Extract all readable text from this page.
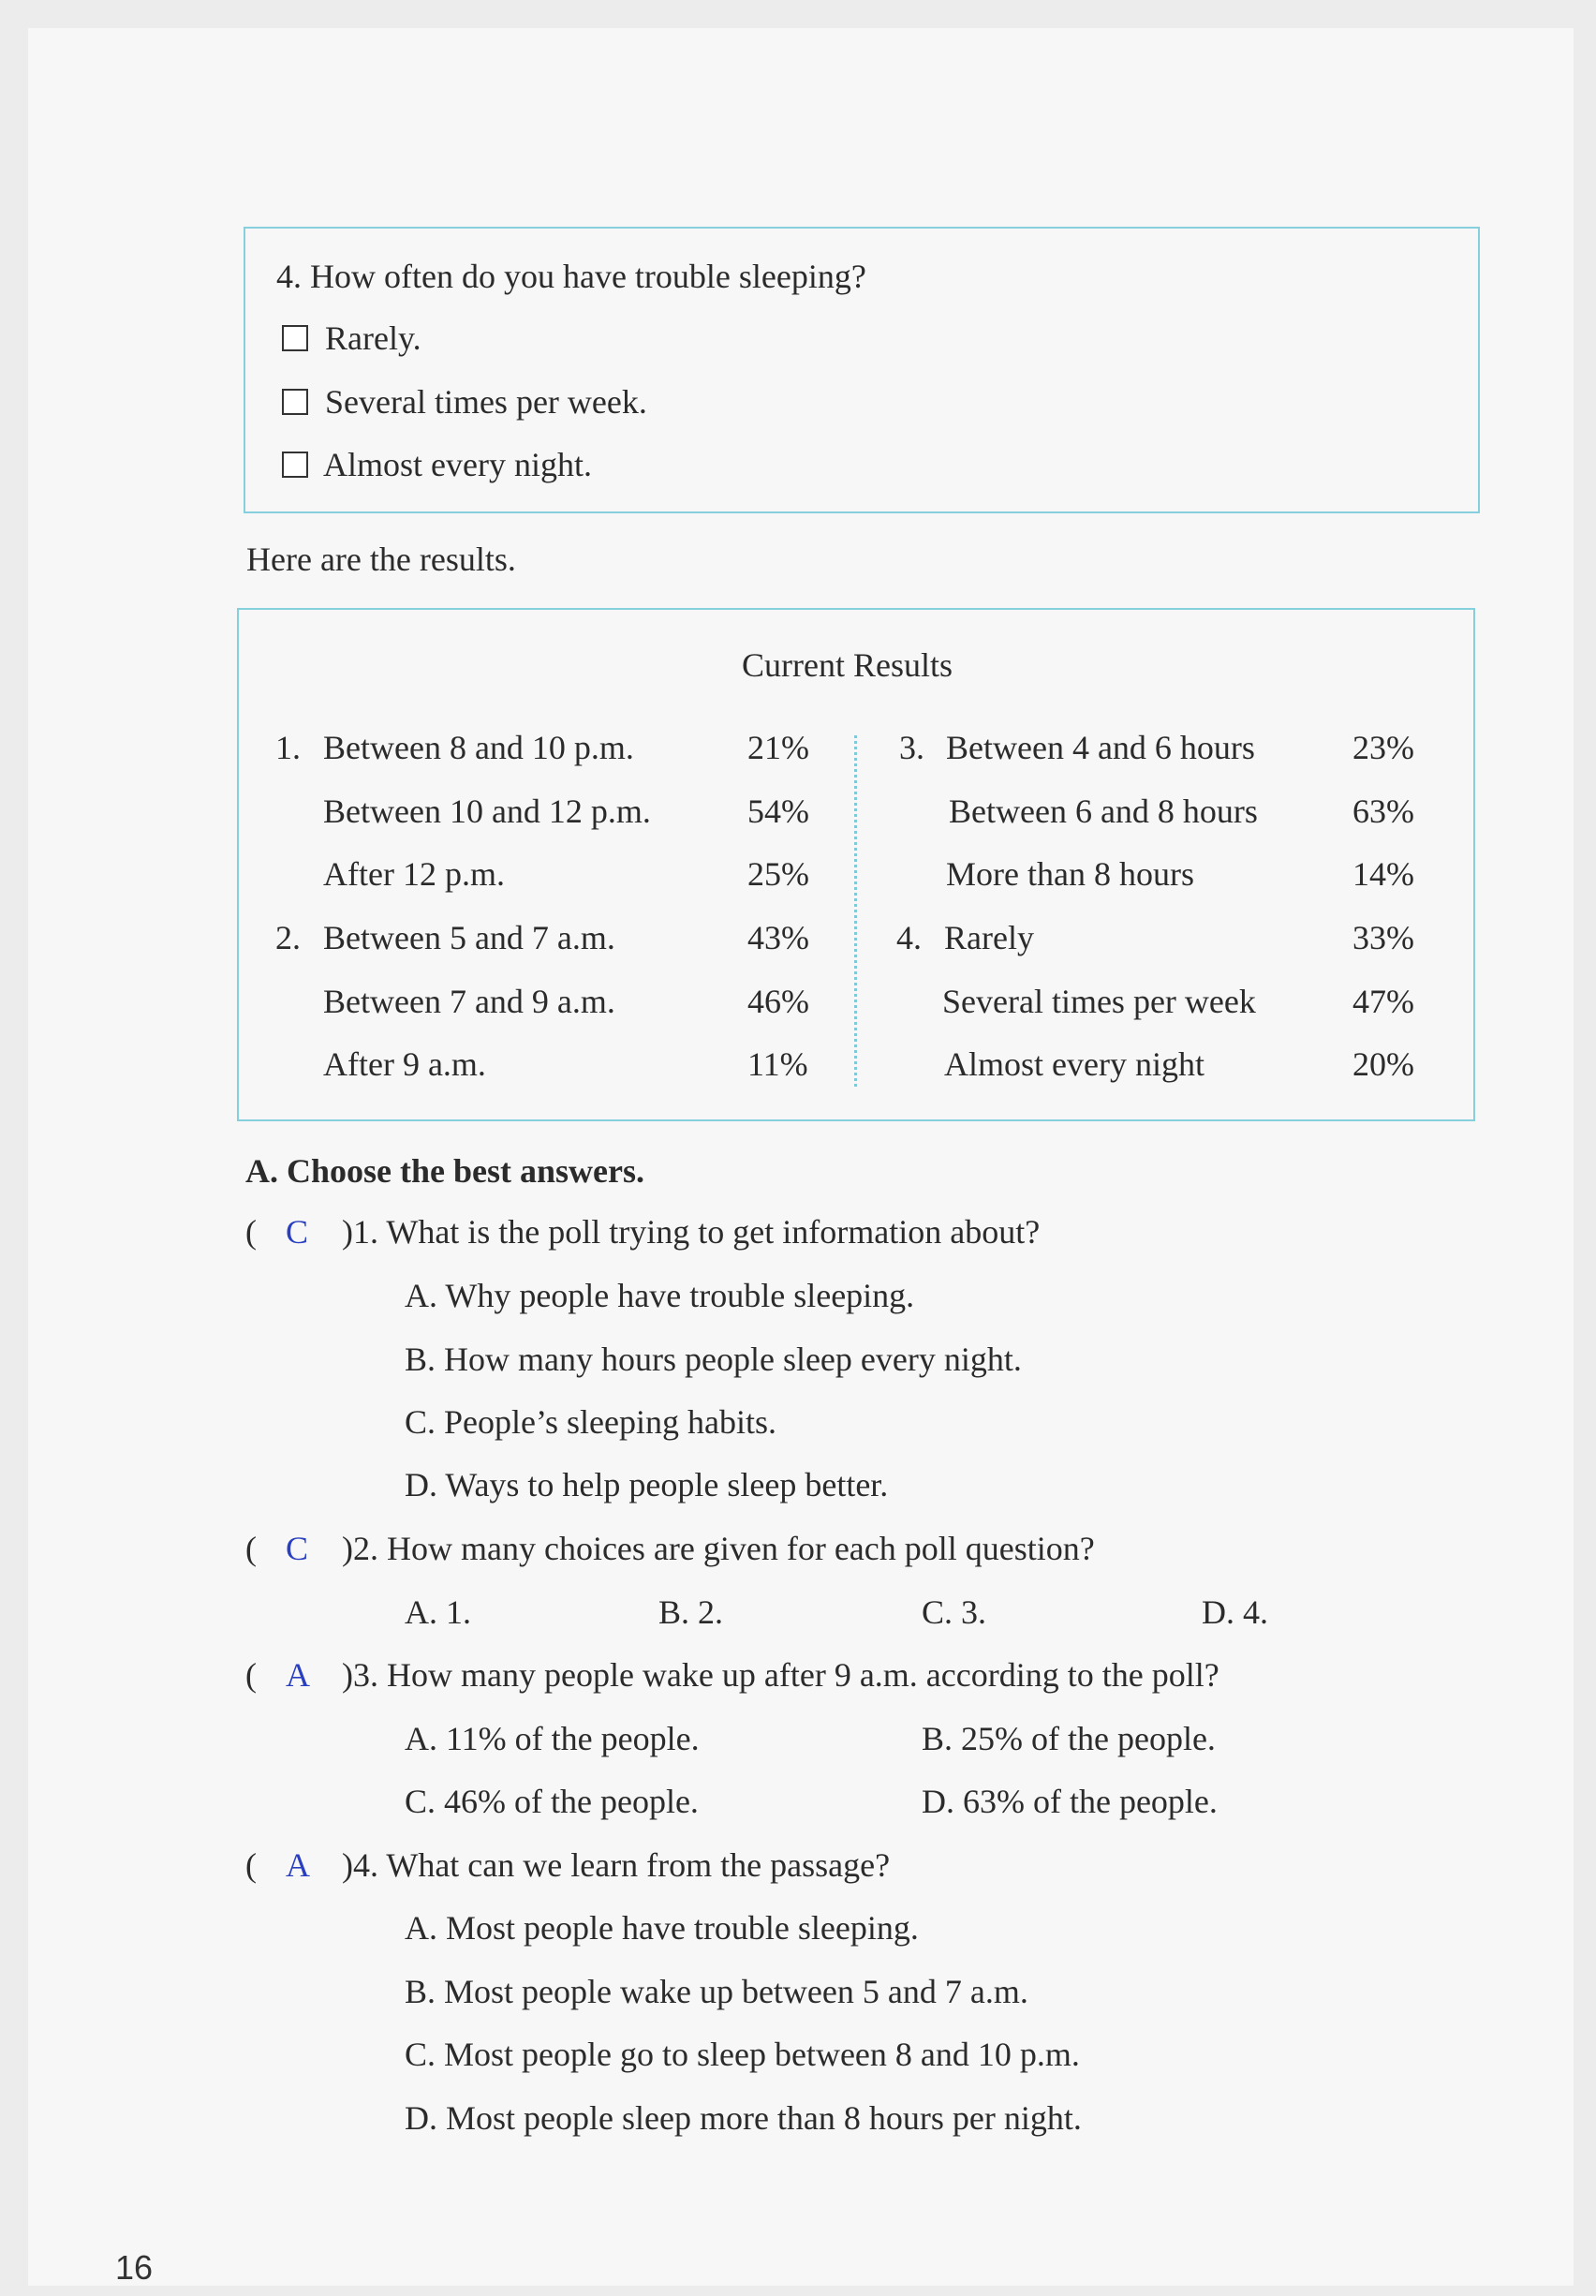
4. How often do you have trouble sleeping?
Rarely.
Several times per week.
Almost every night.
Here are the results.
Current Results
1. Between 8 and 10 p.m.	21%
Between 10 and 12 p.m.	54%
After 12 p.m.	25%
2. Between 5 and 7 a.m.	43%
Between 7 and 9 a.m.	46%
After 9 a.m.	11%
3. Between 4 and 6 hours	23%
Between 6 and 8 hours	63%
More than 8 hours	14%
4. Rarely	33%
Several times per week	47%
Almost every night	20%
A. Choose the best answers.
( C )1. What is the poll trying to get information about?
A. Why people have trouble sleeping.
B. How many hours people sleep every night.
C. People’s sleeping habits.
D. Ways to help people sleep better.
( C )2. How many choices are given for each poll question?
A. 1.	B. 2.	C. 3.	D. 4.
( A )3. How many people wake up after 9 a.m. according to the poll?
A. 11% of the people.	B. 25% of the people.
C. 46% of the people.	D. 63% of the people.
( A )4. What can we learn from the passage?
A. Most people have trouble sleeping.
B. Most people wake up between 5 and 7 a.m.
C. Most people go to sleep between 8 and 10 p.m.
D. Most people sleep more than 8 hours per night.
16
